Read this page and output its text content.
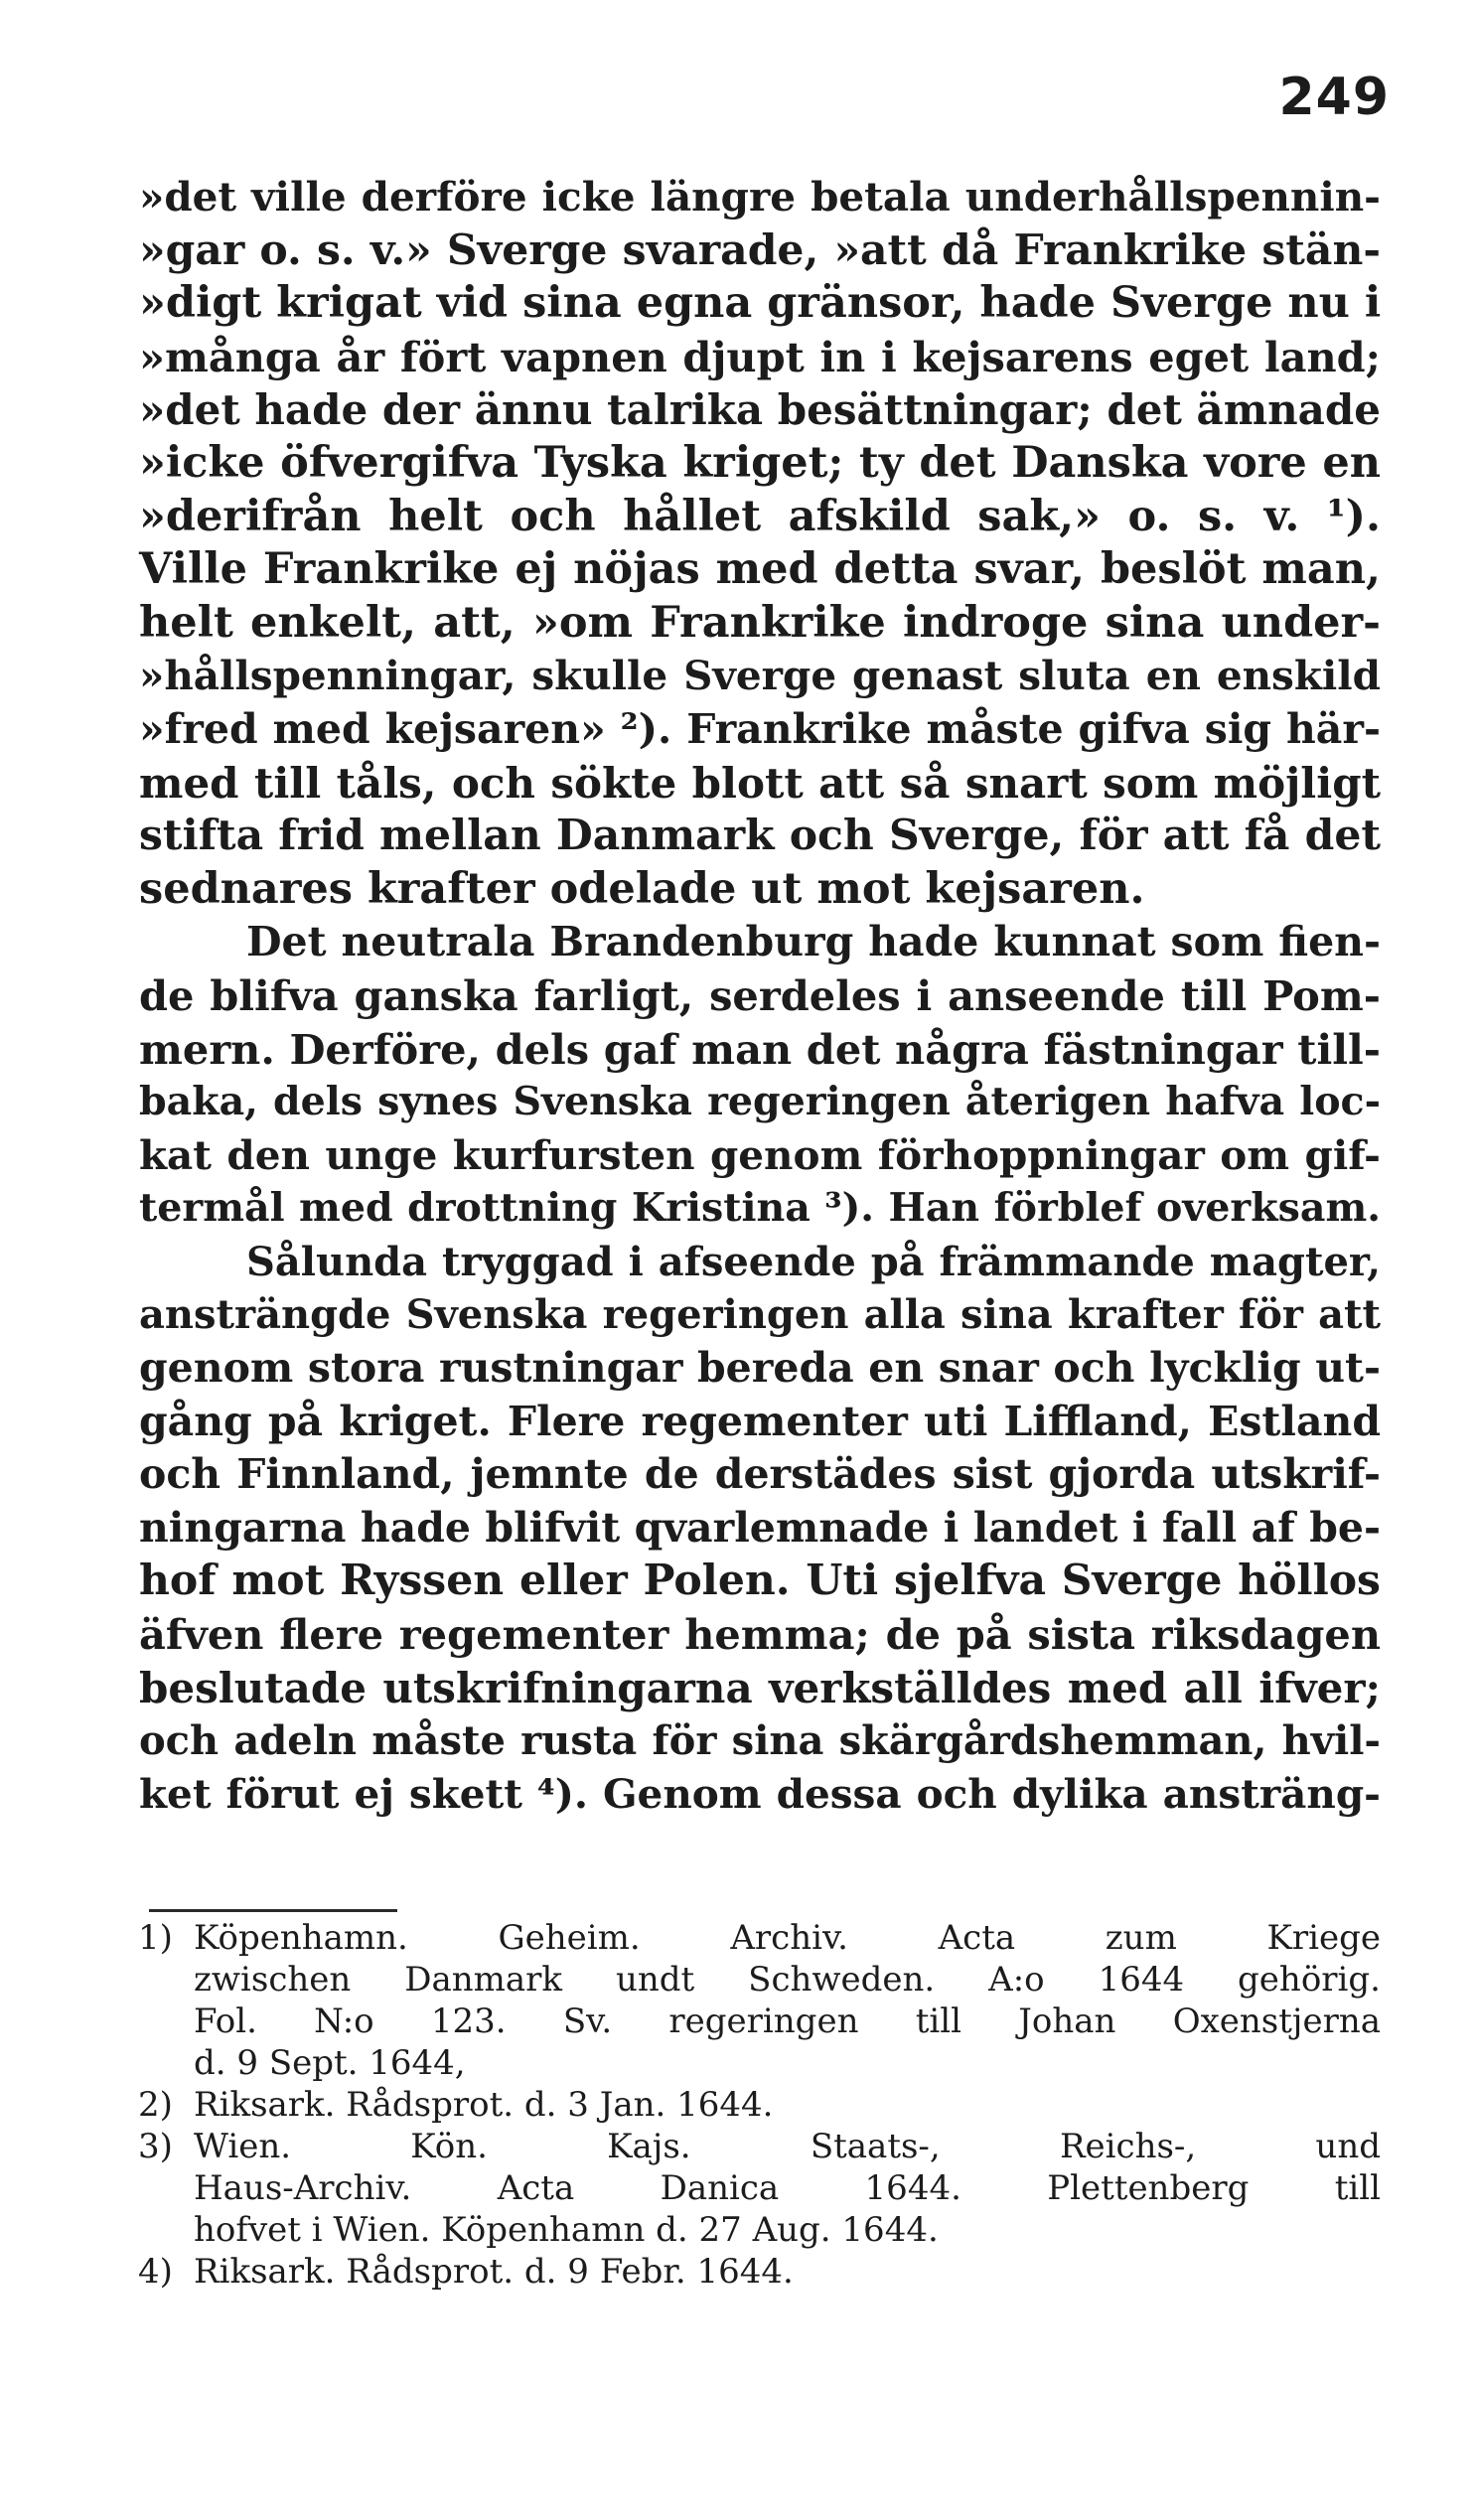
249
»det ville derföre icke längre betala underhållspennin-
»gar o. s. v.» Sverge svarade, »att då Frankrike stän-
»digt krigat vid sina egna gränsor, hade Sverge nu i
»många år fört vapnen djupt in i kejsarens eget land;
»det hade der ännu talrika besättningar; det ämnade
»icke öfvergifva Tyska kriget; ty det Danska vore en
»derifrån helt och hållet afskild sak,» o. s. v. ¹).
Ville Frankrike ej nöjas med detta svar, beslöt man,
helt enkelt, att, »om Frankrike indroge sina under-
»hållspenningar, skulle Sverge genast sluta en enskild
»fred med kejsaren» ²). Frankrike måste gifva sig här-
med till tåls, och sökte blott att så snart som möjligt
stifta frid mellan Danmark och Sverge, för att få det
sednares krafter odelade ut mot kejsaren.
Det neutrala Brandenburg hade kunnat som fien-
de blifva ganska farligt, serdeles i anseende till Pom-
mern. Derföre, dels gaf man det några fästningar till-
baka, dels synes Svenska regeringen återigen hafva loc-
kat den unge kurfursten genom förhoppningar om gif-
termål med drottning Kristina ³). Han förblef overksam.
Sålunda tryggad i afseende på främmande magter,
ansträngde Svenska regeringen alla sina krafter för att
genom stora rustningar bereda en snar och lycklig ut-
gång på kriget. Flere regementer uti Liffland, Estland
och Finnland, jemnte de derstädes sist gjorda utskrif-
ningarna hade blifvit qvarlemnade i landet i fall af be-
hof mot Ryssen eller Polen. Uti sjelfva Sverge höllos
äfven flere regementer hemma; de på sista riksdagen
beslutade utskrifningarna verkställdes med all ifver;
och adeln måste rusta för sina skärgårdshemman, hvil-
ket förut ej skett ⁴). Genom dessa och dylika ansträng-
1) Köpenhamn. Geheim. Archiv. Acta zum Kriege
zwischen Danmark undt Schweden. A:o 1644 gehörig.
Fol. N:o 123. Sv. regeringen till Johan Oxenstjerna
d. 9 Sept. 1644,
2) Riksark. Rådsprot. d. 3 Jan. 1644.
3) Wien. Kön. Kajs. Staats-, Reichs-, und
Haus-Archiv. Acta Danica 1644. Plettenberg till
hofvet i Wien. Köpenhamn d. 27 Aug. 1644.
4) Riksark. Rådsprot. d. 9 Febr. 1644.
